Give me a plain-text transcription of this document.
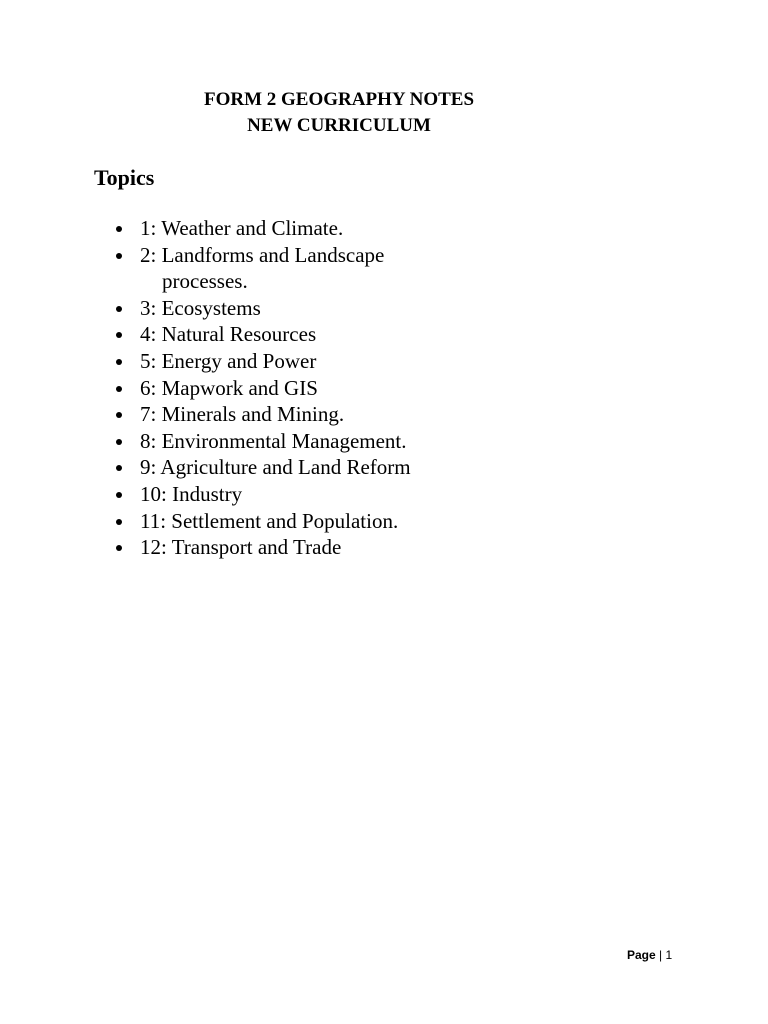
FORM 2 GEOGRAPHY NOTES
NEW CURRICULUM
Topics
1: Weather and Climate.
2: Landforms and Landscape
processes.
3: Ecosystems
4: Natural Resources
5: Energy and Power
6: Mapwork and GIS
7: Minerals and Mining.
8: Environmental Management.
9: Agriculture and Land Reform
10: Industry
11: Settlement and Population.
12: Transport and Trade
Page | 1
